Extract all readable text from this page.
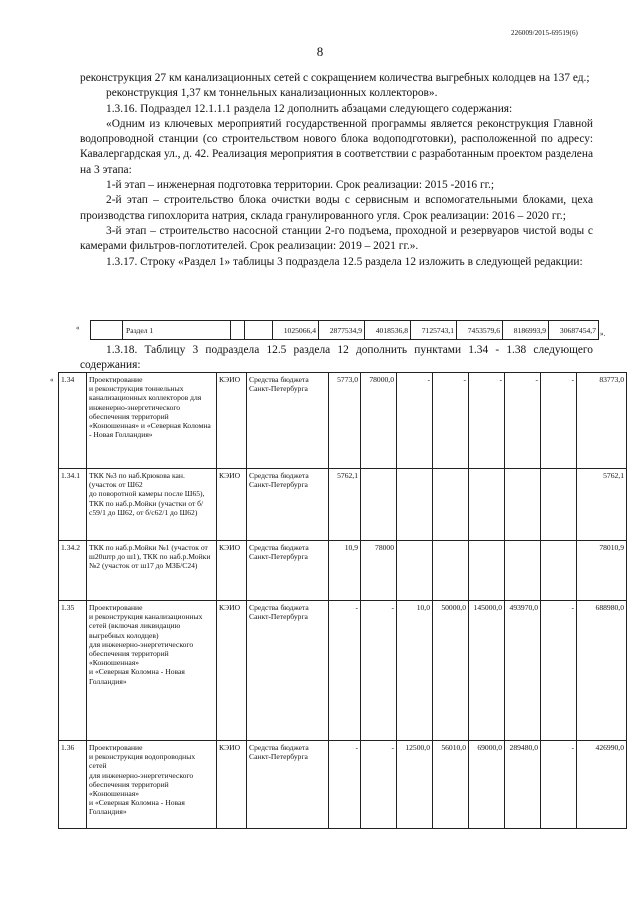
226009/2015-69519(6)
8

реконструкция 27 км канализационных сетей с сокращением количества выгребных колодцев на 137 ед.;

реконструкция 1,37 км тоннельных канализационных коллекторов».

1.3.16. Подраздел 12.1.1.1 раздела 12 дополнить абзацами следующего содержания:

«Одним из ключевых мероприятий государственной программы является реконструкция Главной водопроводной станции (со строительством нового блока водоподготовки), расположенной по адресу: Кавалергардская ул., д. 42. Реализация мероприятия в соответствии с разработанным проектом разделена на 3 этапа:

1-й этап – инженерная подготовка территории. Срок реализации: 2015 -2016 гг.;

2-й этап – строительство блока очистки воды с сервисным и вспомогательными блоками, цеха производства гипохлорита натрия, склада гранулированного угля. Срок реализации: 2016 – 2020 гг.;

3-й этап – строительство насосной станции 2-го подъема, проходной и резервуаров чистой воды с камерами фильтров-поглотителей. Срок реализации: 2019 – 2021 гг.».

1.3.17. Строку «Раздел 1» таблицы 3 подраздела 12.5 раздела 12 изложить в следующей редакции:

«
		Раздел 1			1025066,4	2877534,9	4018536,8	7125743,1	7453579,6	8186993,9	30687454,7 ».

1.3.18. Таблицу 3 подраздела 12.5 раздела 12 дополнить пунктами 1.34 - 1.38 следующего содержания:

« 1.34	Проектирование
и реконструкция тоннельных канализационных коллекторов для инженерно-энергетического обеспечения территорий «Конюшенная» и «Северная Коломна - Новая Голландия»	КЭИО	Средства бюджета Санкт-Петербурга	5773,0	78000,0	-	-	-	-	-	83773,0
1.34.1	ТКК №3 по наб.Крюкова кан. (участок от Ш62
до поворотной камеры после Ш65), ТКК по наб.р.Мойки (участки от б/с59/1 до Ш62, от б/с62/1 до Ш62)	КЭИО	Средства бюджета Санкт-Петербурга	5762,1							5762,1
1.34.2	ТКК по наб.р.Мойки №1 (участок от ш20штр до ш1), ТКК по наб.р.Мойки №2 (участок от ш17 до МЗБ/С24)	КЭИО	Средства бюджета Санкт-Петербурга	10,9	78000						78010,9
1.35	Проектирование
и реконструкция канализационных сетей (включая ликвидацию выгребных колодцев)
для инженерно-энергетического обеспечения территорий «Конюшенная»
и «Северная Коломна - Новая Голландия»	КЭИО	Средства бюджета Санкт-Петербурга	-	-	10,0	50000,0	145000,0	493970,0	-	688980,0
1.36	Проектирование
и реконструкция водопроводных сетей
для инженерно-энергетического обеспечения территорий «Конюшенная»
и «Северная Коломна - Новая Голландия»	КЭИО	Средства бюджета Санкт-Петербурга	-	-	12500,0	56010,0	69000,0	289480,0	-	426990,0
